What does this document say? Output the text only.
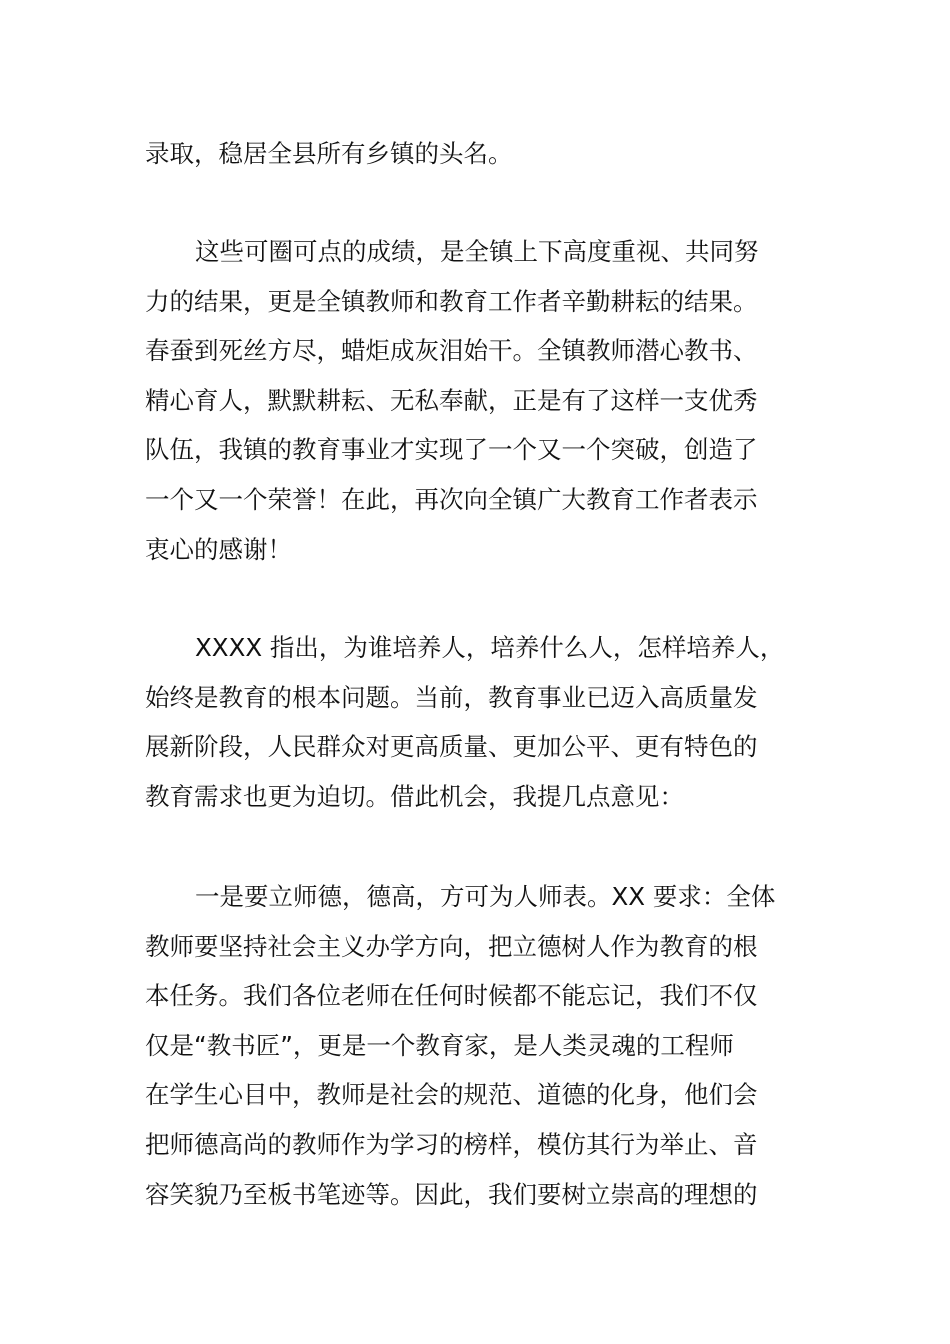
录取，稳居全县所有乡镇的头名。
这些可圈可点的成绩，是全镇上下高度重视、共同努
力的结果，更是全镇教师和教育工作者辛勤耕耘的结果。
春蚕到死丝方尽，蜡炬成灰泪始干。全镇教师潜心教书、
精心育人，默默耕耘、无私奉献，正是有了这样一支优秀
队伍，我镇的教育事业才实现了一个又一个突破，创造了
一个又一个荣誉！在此，再次向全镇广大教育工作者表示
衷心的感谢！
XXXX 指出，为谁培养人，培养什么人，怎样培养人，
始终是教育的根本问题。当前，教育事业已迈入高质量发
展新阶段，人民群众对更高质量、更加公平、更有特色的
教育需求也更为迫切。借此机会，我提几点意见：
一是要立师德，德高，方可为人师表。XX 要求：全体
教师要坚持社会主义办学方向，把立德树人作为教育的根
本任务。我们各位老师在任何时候都不能忘记，我们不仅
仅是“教书匠”，更是一个教育家，是人类灵魂的工程师
在学生心目中，教师是社会的规范、道德的化身，他们会
把师德高尚的教师作为学习的榜样，模仿其行为举止、音
容笑貌乃至板书笔迹等。因此，我们要树立崇高的理想的
